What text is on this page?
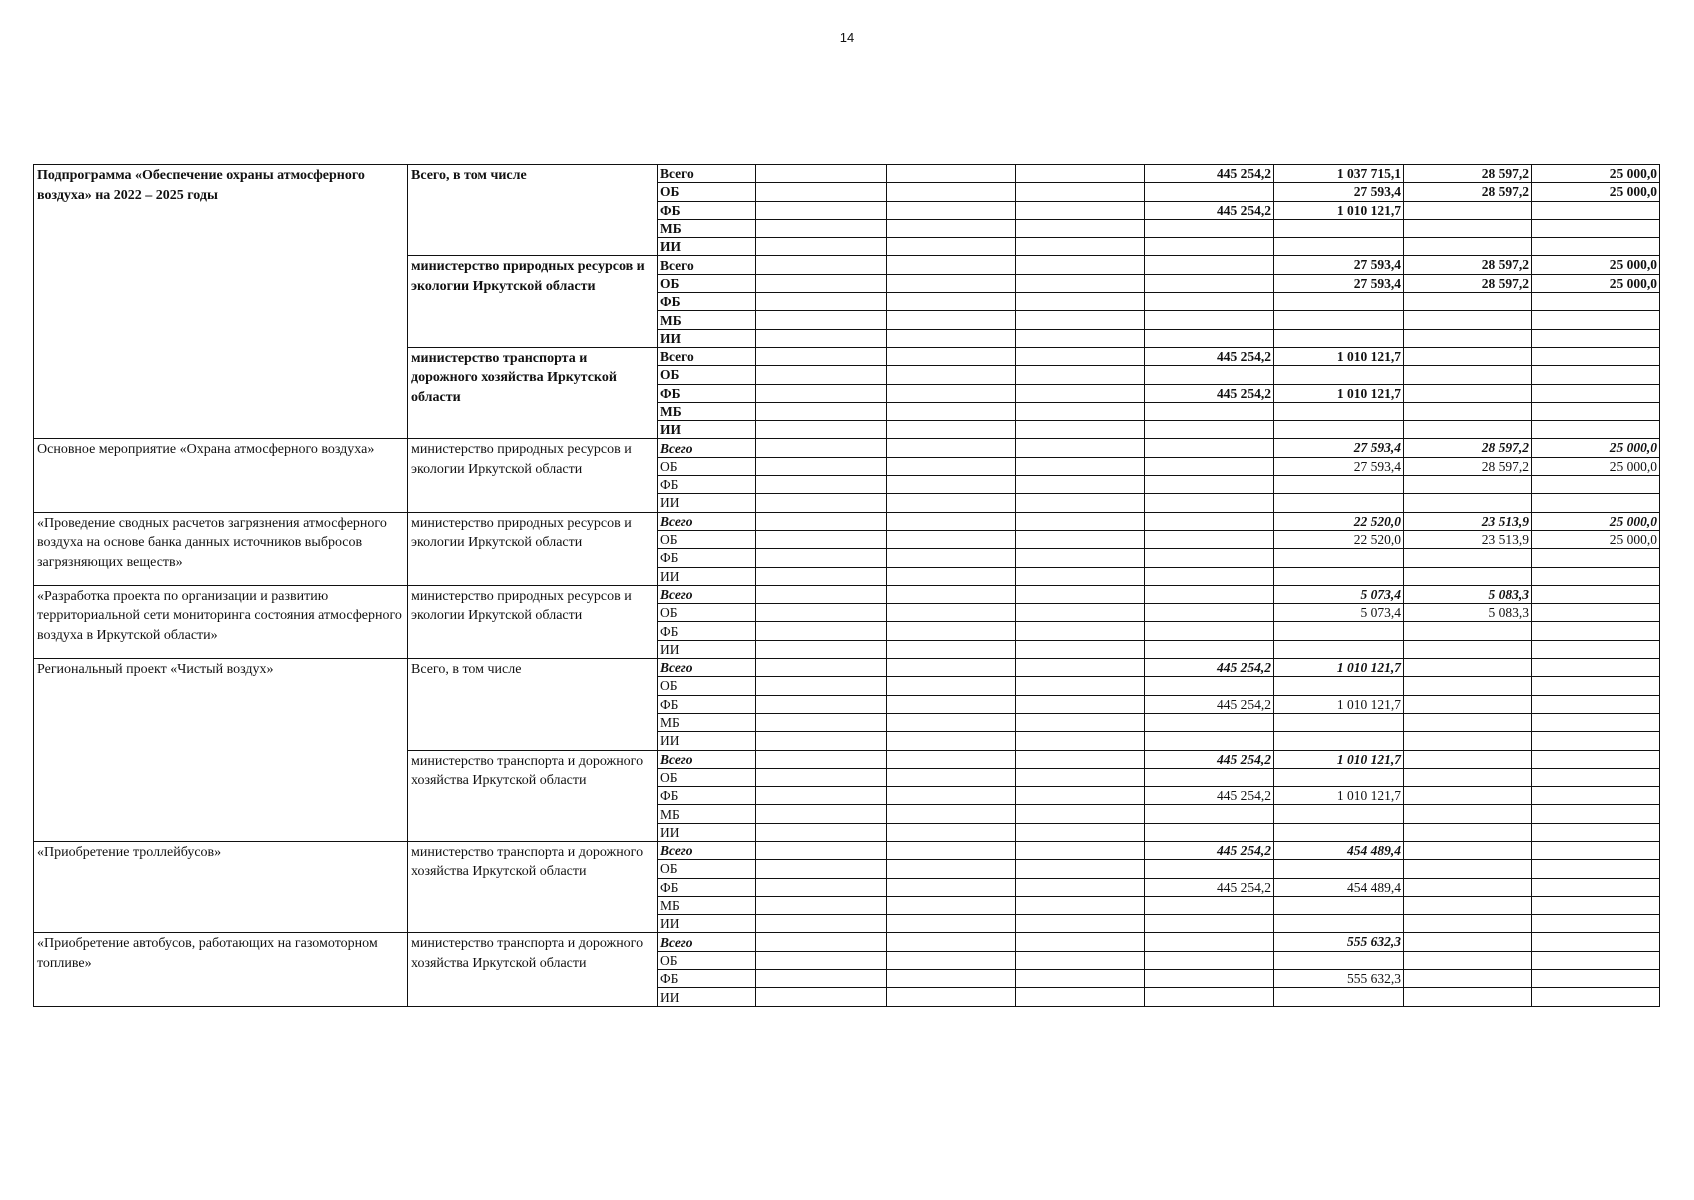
14
Подпрограмма «Обеспечение охраны атмосферного воздуха» на 2022 – 2025 годы	Всего, в том числе	Всего				445 254,2	1 037 715,1	28 597,2	25 000,0
		ОБ					27 593,4	28 597,2	25 000,0
		ФБ				445 254,2	1 010 121,7		
		МБ							
		ИИ							
	министерство природных ресурсов и экологии Иркутской области	Всего					27 593,4	28 597,2	25 000,0
		ОБ					27 593,4	28 597,2	25 000,0
		ФБ							
		МБ							
		ИИ							
	министерство транспорта и дорожного хозяйства Иркутской области	Всего				445 254,2	1 010 121,7		
		ОБ							
		ФБ				445 254,2	1 010 121,7		
		МБ							
		ИИ							
Основное мероприятие «Охрана атмосферного воздуха»	министерство природных ресурсов и экологии Иркутской области	Всего					27 593,4	28 597,2	25 000,0
		ОБ					27 593,4	28 597,2	25 000,0
		ФБ							
		ИИ							
«Проведение сводных расчетов загрязнения атмосферного воздуха на основе банка данных источников выбросов загрязняющих веществ»	министерство природных ресурсов и экологии Иркутской области	Всего					22 520,0	23 513,9	25 000,0
		ОБ					22 520,0	23 513,9	25 000,0
		ФБ							
		ИИ							
«Разработка проекта по организации и развитию территориальной сети мониторинга состояния атмосферного воздуха в Иркутской области»	министерство природных ресурсов и экологии Иркутской области	Всего					5 073,4	5 083,3	
		ОБ					5 073,4	5 083,3	
		ФБ							
		ИИ							
Региональный проект «Чистый воздух»	Всего, в том числе	Всего				445 254,2	1 010 121,7		
		ОБ							
		ФБ				445 254,2	1 010 121,7		
		МБ							
		ИИ							
	министерство транспорта и дорожного хозяйства Иркутской области	Всего				445 254,2	1 010 121,7		
		ОБ							
		ФБ				445 254,2	1 010 121,7		
		МБ							
		ИИ							
«Приобретение троллейбусов»	министерство транспорта и дорожного хозяйства Иркутской области	Всего				445 254,2	454 489,4		
		ОБ							
		ФБ				445 254,2	454 489,4		
		МБ							
		ИИ							
«Приобретение автобусов, работающих на газомоторном топливе»	министерство транспорта и дорожного хозяйства Иркутской области	Всего					555 632,3		
		ОБ							
		ФБ					555 632,3		
		ИИ							
